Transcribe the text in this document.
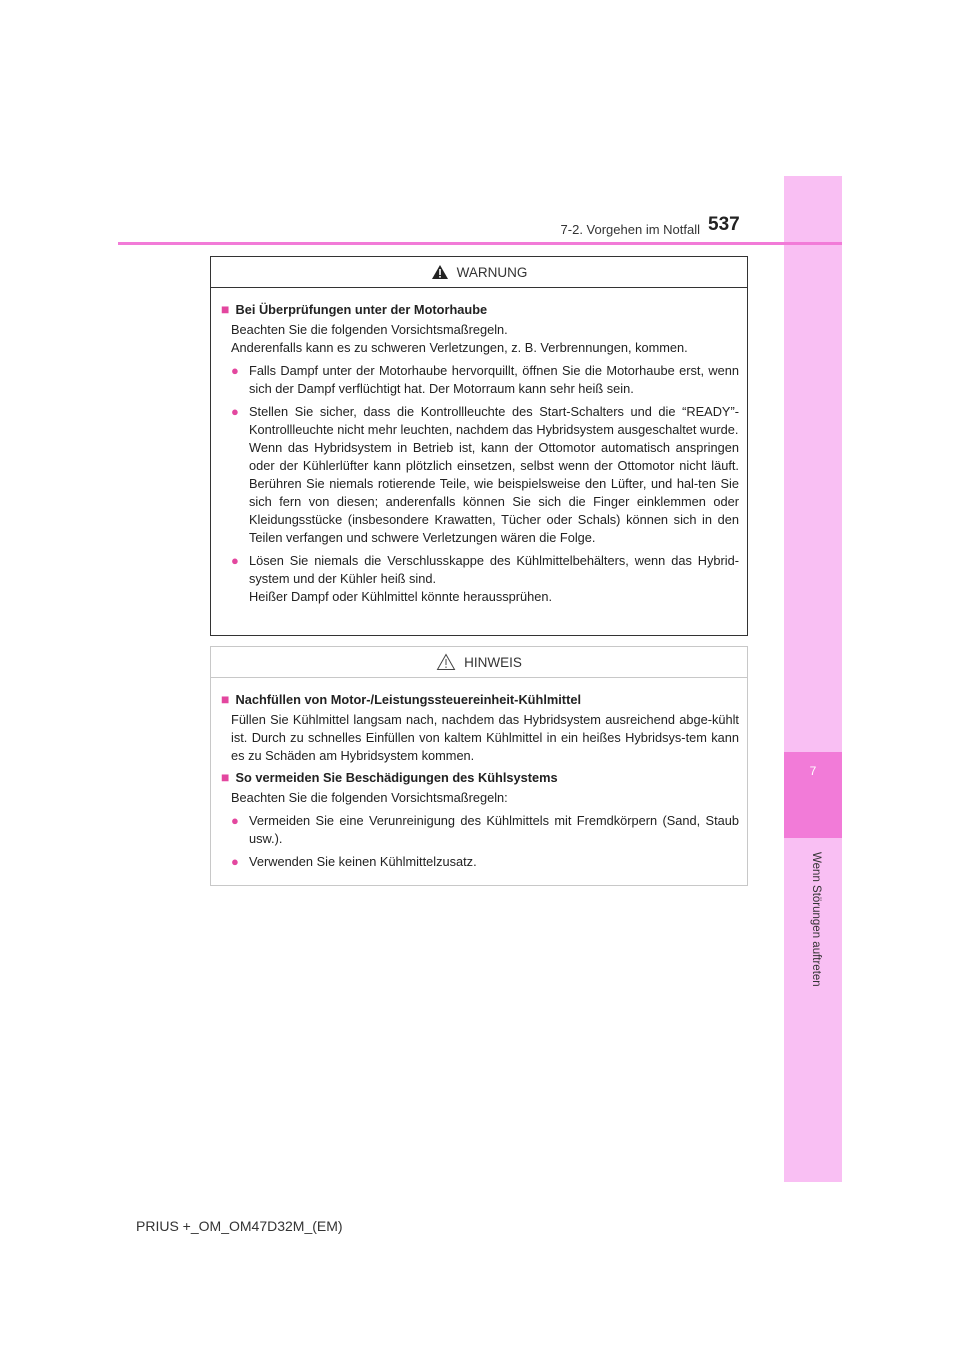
7
Wenn Störungen auftreten
7-2. Vorgehen im Notfall 537
WARNUNG
■ Bei Überprüfungen unter der Motorhaube
Beachten Sie die folgenden Vorsichtsmaßregeln.
Anderenfalls kann es zu schweren Verletzungen, z. B. Verbrennungen, kommen.
● Falls Dampf unter der Motorhaube hervorquillt, öffnen Sie die Motorhaube erst, wenn sich der Dampf verflüchtigt hat. Der Motorraum kann sehr heiß sein.
● Stellen Sie sicher, dass die Kontrollleuchte des Start-Schalters und die “READY”-Kontrollleuchte nicht mehr leuchten, nachdem das Hybridsystem ausgeschaltet wurde.
Wenn das Hybridsystem in Betrieb ist, kann der Ottomotor automatisch anspringen oder der Kühlerlüfter kann plötzlich einsetzen, selbst wenn der Ottomotor nicht läuft. Berühren Sie niemals rotierende Teile, wie beispielsweise den Lüfter, und hal-ten Sie sich fern von diesen; anderenfalls können Sie sich die Finger einklemmen oder Kleidungsstücke (insbesondere Krawatten, Tücher oder Schals) können sich in den Teilen verfangen und schwere Verletzungen wären die Folge.
● Lösen Sie niemals die Verschlusskappe des Kühlmittelbehälters, wenn das Hybrid-system und der Kühler heiß sind.
Heißer Dampf oder Kühlmittel könnte heraussprühen.
HINWEIS
■ Nachfüllen von Motor-/Leistungssteuereinheit-Kühlmittel
Füllen Sie Kühlmittel langsam nach, nachdem das Hybridsystem ausreichend abge-kühlt ist. Durch zu schnelles Einfüllen von kaltem Kühlmittel in ein heißes Hybridsys-tem kann es zu Schäden am Hybridsystem kommen.
■ So vermeiden Sie Beschädigungen des Kühlsystems
Beachten Sie die folgenden Vorsichtsmaßregeln:
● Vermeiden Sie eine Verunreinigung des Kühlmittels mit Fremdkörpern (Sand, Staub usw.).
● Verwenden Sie keinen Kühlmittelzusatz.
PRIUS +_OM_OM47D32M_(EM)
